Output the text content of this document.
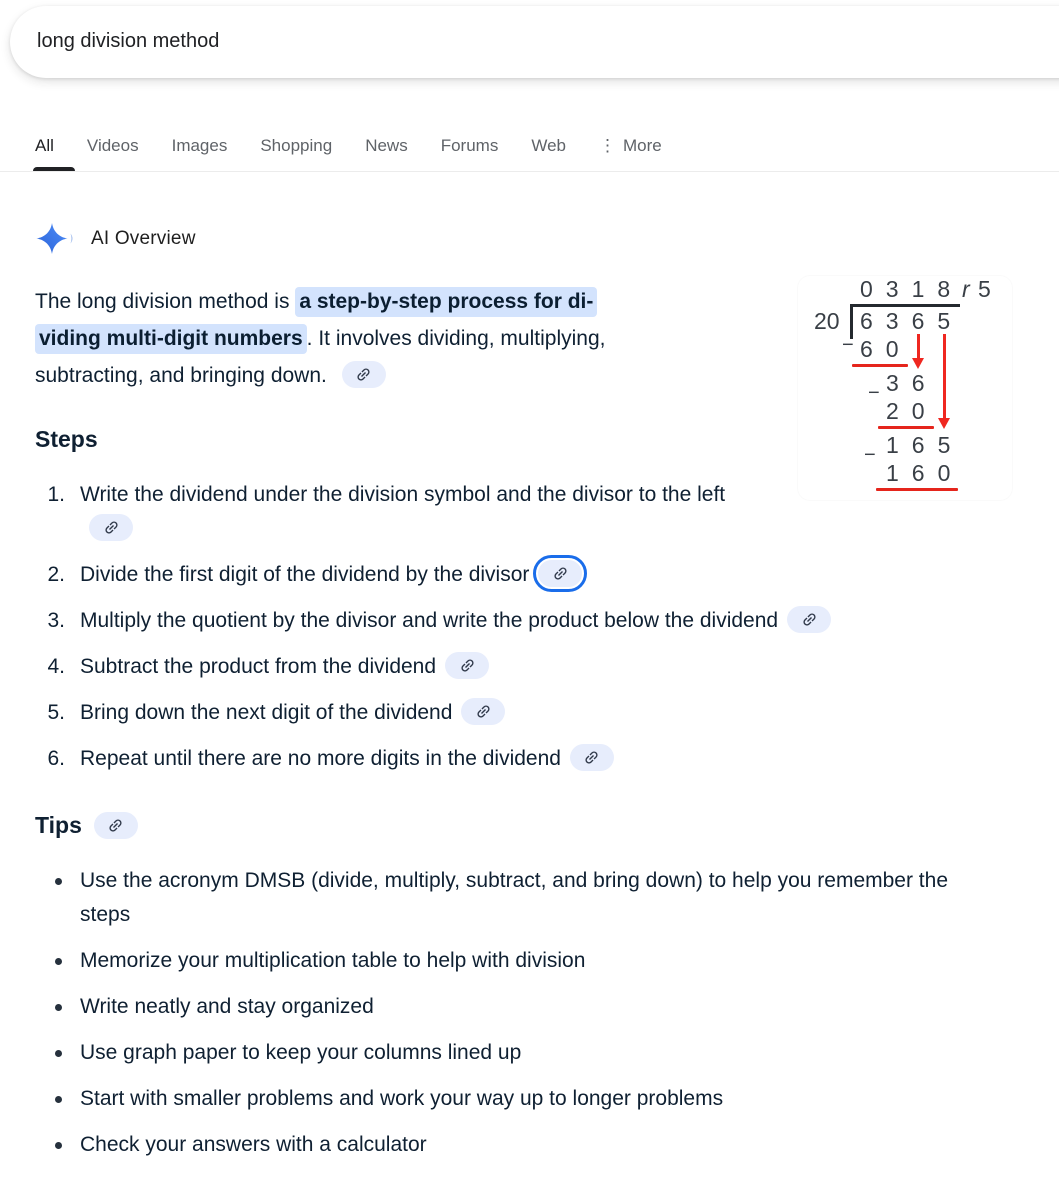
long division method
All Videos Images Shopping News Forums Web ⋮ More
AI Overview
The long division method is a step-by-step process for di-
viding multi-digit numbers . It involves dividing, multiplying,
subtracting, and bringing down.
0318
r 5
20 6365
− 60
36
−
20
165
−
160
Steps
1. Write the dividend under the division symbol and the divisor to the left
2. Divide the first digit of the dividend by the divisor
3. Multiply the quotient by the divisor and write the product below the dividend
4. Subtract the product from the dividend
5. Bring down the next digit of the dividend
6. Repeat until there are no more digits in the dividend
Tips
Use the acronym DMSB (divide, multiply, subtract, and bring down) to help you remember the steps
Memorize your multiplication table to help with division
Write neatly and stay organized
Use graph paper to keep your columns lined up
Start with smaller problems and work your way up to longer problems
Check your answers with a calculator
